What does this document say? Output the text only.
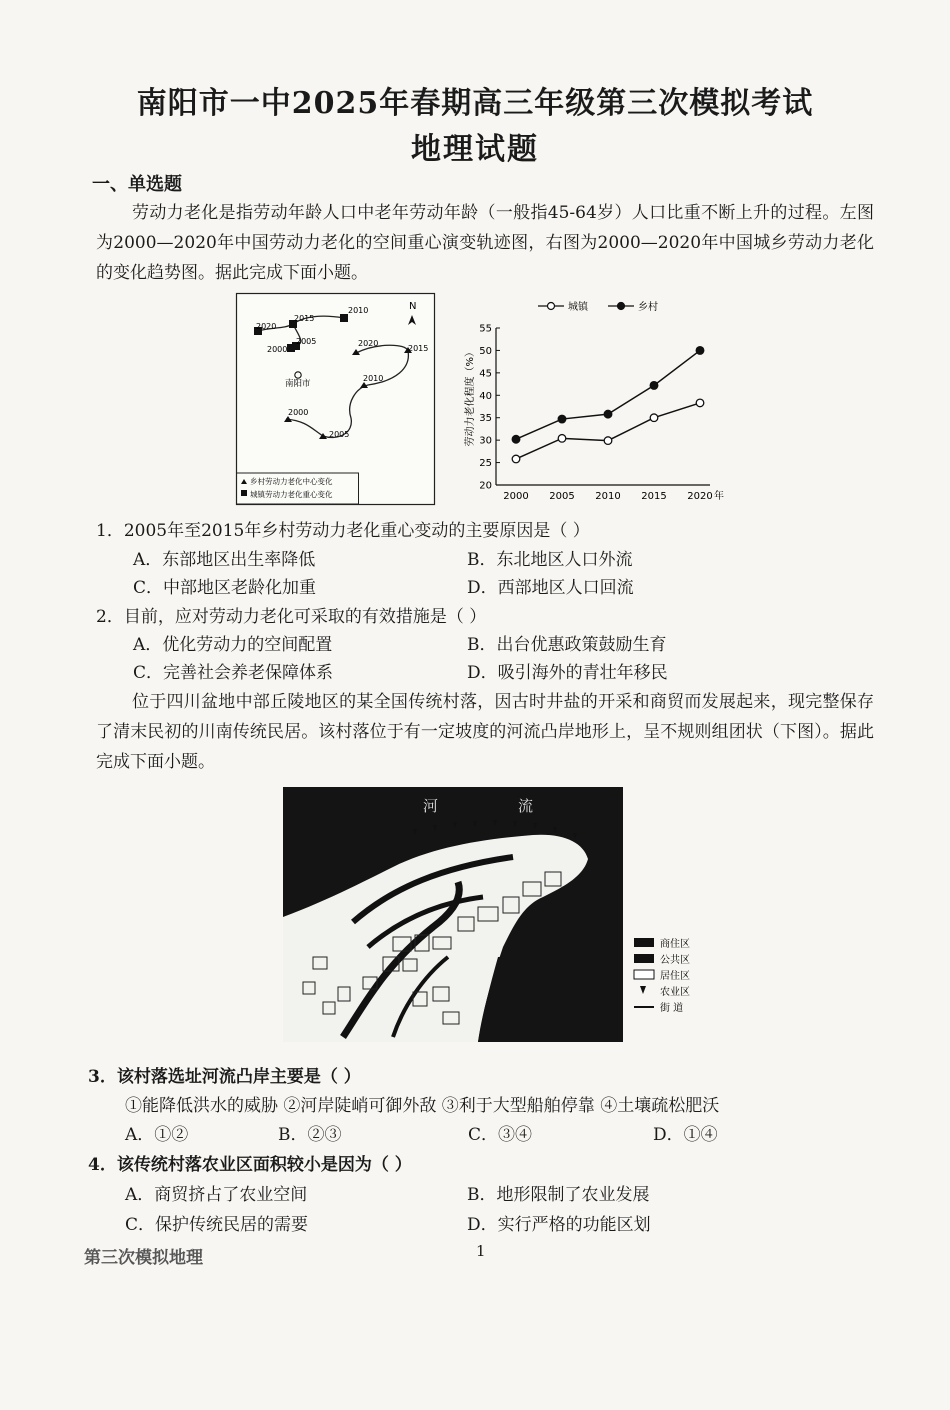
南阳市一中2025年春期高三年级第三次模拟考试
地理试题
一、单选题
劳动力老化是指劳动年龄人口中老年劳动年龄（一般指45-64岁）人口比重不断上升的过程。左图为2000—2020年中国劳动力老化的空间重心演变轨迹图，右图为2000—2020年中国城乡劳动力老化的变化趋势图。据此完成下面小题。
N
2010
2015
2020
2005
2000
2020
2015
2010
2000
2005
南阳市
乡村劳动力老化中心变化
城镇劳动力老化重心变化
城镇	乡村
20
25
30
35
40
45
50
55
2000 2005 2010 2015 2020 年
劳动力老化程度（%）
1．2005年至2015年乡村劳动力老化重心变动的主要原因是（ ）
A．东部地区出生率降低	B．东北地区人口外流
C．中部地区老龄化加重	D．西部地区人口回流
2．目前，应对劳动力老化可采取的有效措施是（ ）
A．优化劳动力的空间配置	B．出台优惠政策鼓励生育
C．完善社会养老保障体系	D．吸引海外的青壮年移民
位于四川盆地中部丘陵地区的某全国传统村落，因古时井盐的开采和商贸而发展起来，现完整保存了清末民初的川南传统民居。该村落位于有一定坡度的河流凸岸地形上，呈不规则组团状（下图）。据此完成下面小题。
河	流
商住区
公共区
居住区
农业区
街 道
3．该村落选址河流凸岸主要是（ ）
①能降低洪水的威胁 ②河岸陡峭可御外敌 ③利于大型船舶停靠 ④土壤疏松肥沃
A．①②	B．②③	C．③④	D．①④
4．该传统村落农业区面积较小是因为（ ）
A．商贸挤占了农业空间	B．地形限制了农业发展
C．保护传统民居的需要	D．实行严格的功能区划
第三次模拟地理	1
